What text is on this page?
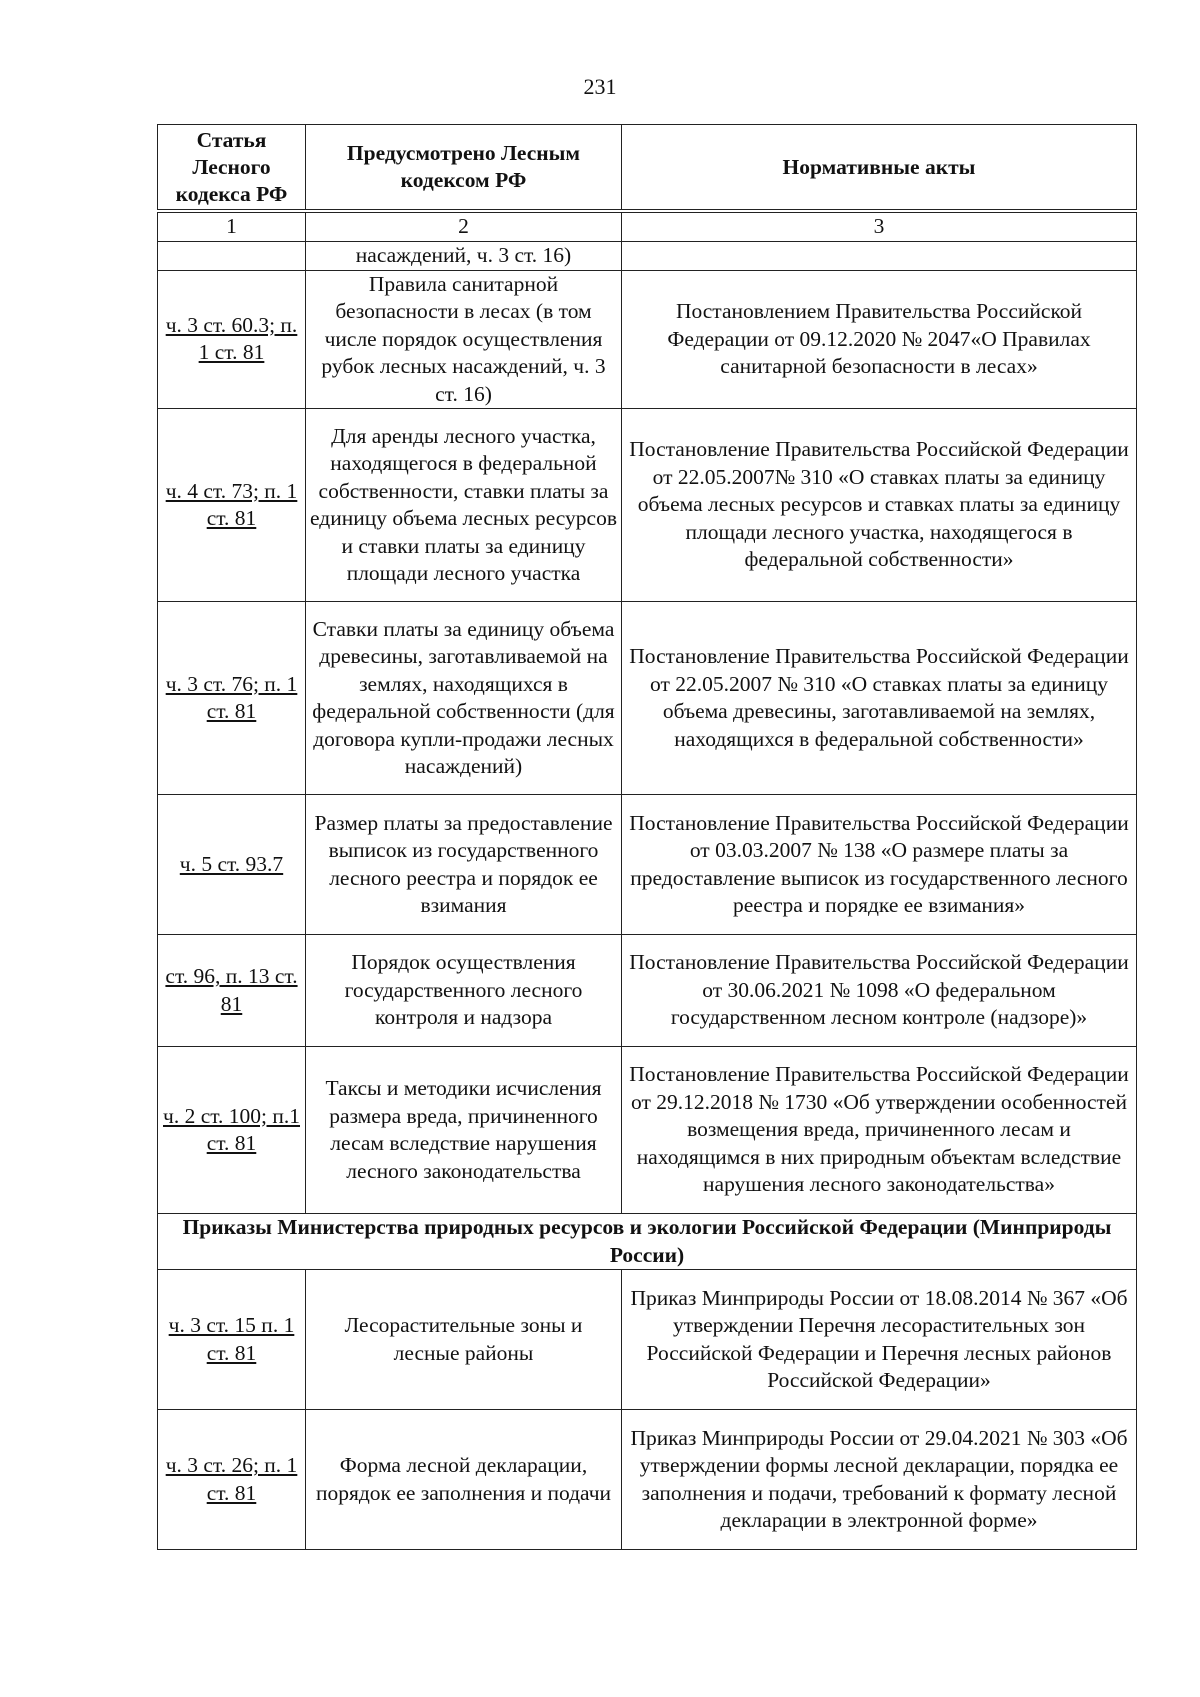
231
Статья Лесного кодекса РФ	Предусмотрено Лесным кодексом РФ	Нормативные акты
1	2	3
	насаждений, ч. 3 ст. 16)	
ч. 3 ст. 60.3; п. 1 ст. 81	Правила санитарной безопасности в лесах (в том числе порядок осуществления рубок лесных насаждений, ч. 3 ст. 16)	Постановлением Правительства Российской Федерации от 09.12.2020 № 2047«О Правилах санитарной безопасности в лесах»
ч. 4 ст. 73; п. 1 ст. 81	Для аренды лесного участка, находящегося в федеральной собственности, ставки платы за единицу объема лесных ресурсов и ставки платы за единицу площади лесного участка	Постановление Правительства Российской Федерации от 22.05.2007№ 310 «О ставках платы за единицу объема лесных ресурсов и ставках платы за единицу площади лесного участка, находящегося в федеральной собственности»
ч. 3 ст. 76; п. 1 ст. 81	Ставки платы за единицу объема древесины, заготавливаемой на землях, находящихся в федеральной собственности (для договора купли-продажи лесных насаждений)	Постановление Правительства Российской Федерации от 22.05.2007 № 310 «О ставках платы за единицу объема древесины, заготавливаемой на землях, находящихся в федеральной собственности»
ч. 5 ст. 93.7	Размер платы за предоставление выписок из государственного лесного реестра и порядок ее взимания	Постановление Правительства Российской Федерации от 03.03.2007 № 138 «О размере платы за предоставление выписок из государственного лесного реестра и порядке ее взимания»
ст. 96, п. 13 ст. 81	Порядок осуществления государственного лесного контроля и надзора	Постановление Правительства Российской Федерации от 30.06.2021 № 1098 «О федеральном государственном лесном контроле (надзоре)»
ч. 2 ст. 100; п.1 ст. 81	Таксы и методики исчисления размера вреда, причиненного лесам вследствие нарушения лесного законодательства	Постановление Правительства Российской Федерации от 29.12.2018 № 1730 «Об утверждении особенностей возмещения вреда, причиненного лесам и находящимся в них природным объектам вследствие нарушения лесного законодательства»
Приказы Министерства природных ресурсов и экологии Российской Федерации (Минприроды России)		
ч. 3 ст. 15 п. 1 ст. 81	Лесорастительные зоны и лесные районы	Приказ Минприроды России от 18.08.2014 № 367 «Об утверждении Перечня лесорастительных зон Российской Федерации и Перечня лесных районов Российской Федерации»
ч. 3 ст. 26; п. 1 ст. 81	Форма лесной декларации, порядок ее заполнения и подачи	Приказ Минприроды России от 29.04.2021 № 303 «Об утверждении формы лесной декларации, порядка ее заполнения и подачи, требований к формату лесной декларации в электронной форме»
